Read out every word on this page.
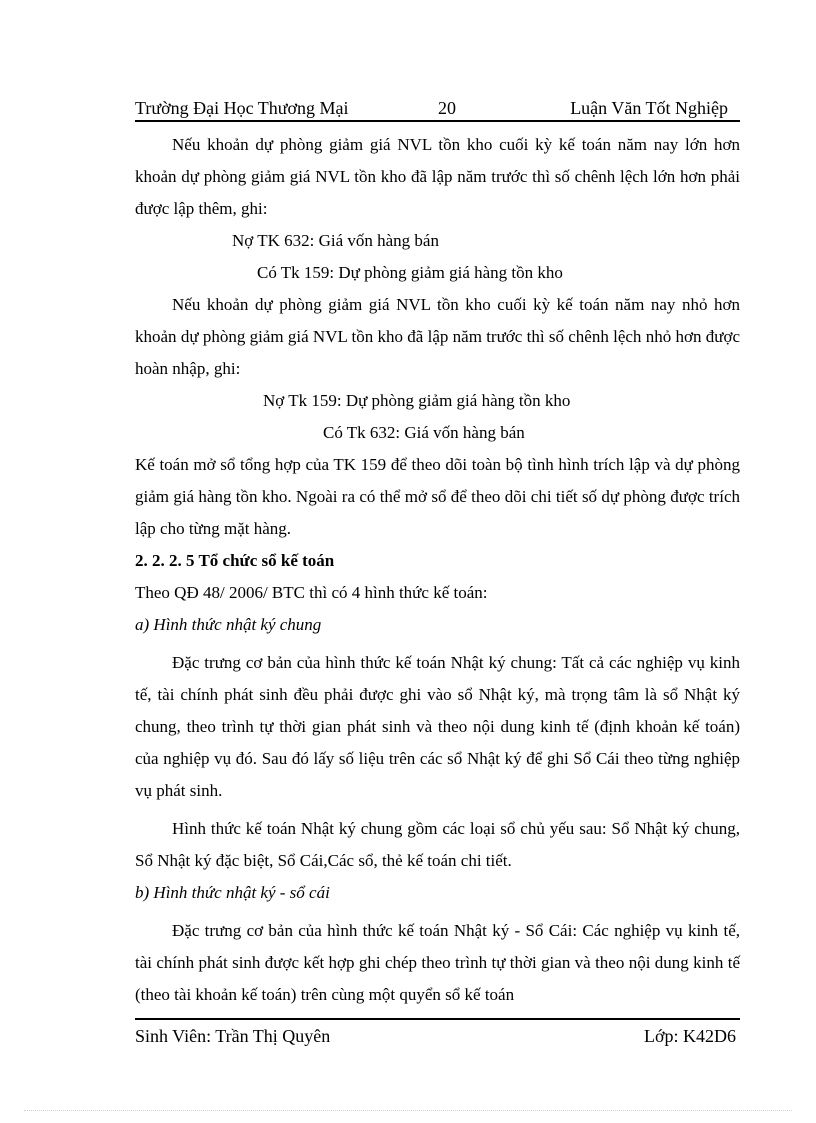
Trường Đại Học Thương Mại	20	Luận Văn Tốt Nghiệp

Nếu khoản dự phòng giảm giá NVL tồn kho cuối kỳ kế toán năm nay lớn hơn khoản dự phòng giảm giá NVL tồn kho đã lập năm trước thì số chênh lệch lớn hơn phải được lập thêm, ghi:

Nợ TK 632: Giá vốn hàng bán

Có Tk 159: Dự phòng giảm giá hàng tồn kho

Nếu khoản dự phòng giảm giá NVL tồn kho cuối kỳ kế toán năm nay nhỏ hơn khoản dự phòng giảm giá NVL tồn kho đã lập năm trước thì số chênh lệch nhỏ hơn được hoàn nhập, ghi:

Nợ Tk 159: Dự phòng giảm giá hàng tồn kho

Có Tk 632: Giá vốn hàng bán

Kế toán mở sổ tổng hợp của TK 159 để theo dõi toàn bộ tình hình trích lập và dự phòng giảm giá hàng tồn kho. Ngoài ra có thể mở sổ để theo dõi chi tiết số dự phòng được trích lập cho từng mặt hàng.

2. 2. 2. 5 Tổ chức sổ kế toán

Theo QĐ 48/ 2006/ BTC thì có 4 hình thức kế toán:

a) Hình thức nhật ký chung

Đặc trưng cơ bản của hình thức kế toán Nhật ký chung: Tất cả các nghiệp vụ kinh tế, tài chính phát sinh đều phải được ghi vào sổ Nhật ký, mà trọng tâm là sổ Nhật ký chung, theo trình tự thời gian phát sinh và theo nội dung kinh tế (định khoản kế toán) của nghiệp vụ đó. Sau đó lấy số liệu trên các sổ Nhật ký để ghi Sổ Cái theo từng nghiệp vụ phát sinh.

Hình thức kế toán Nhật ký chung gồm các loại sổ chủ yếu sau: Sổ Nhật ký chung, Sổ Nhật ký đặc biệt, Sổ Cái,Các sổ, thẻ kế toán chi tiết.

b) Hình thức nhật ký - sổ cái

Đặc trưng cơ bản của hình thức kế toán Nhật ký - Sổ Cái: Các nghiệp vụ kinh tế, tài chính phát sinh được kết hợp ghi chép theo trình tự thời gian và theo nội dung kinh tế (theo tài khoản kế toán) trên cùng một quyển sổ kế toán

Sinh Viên: Trần Thị Quyên	Lớp: K42D6
